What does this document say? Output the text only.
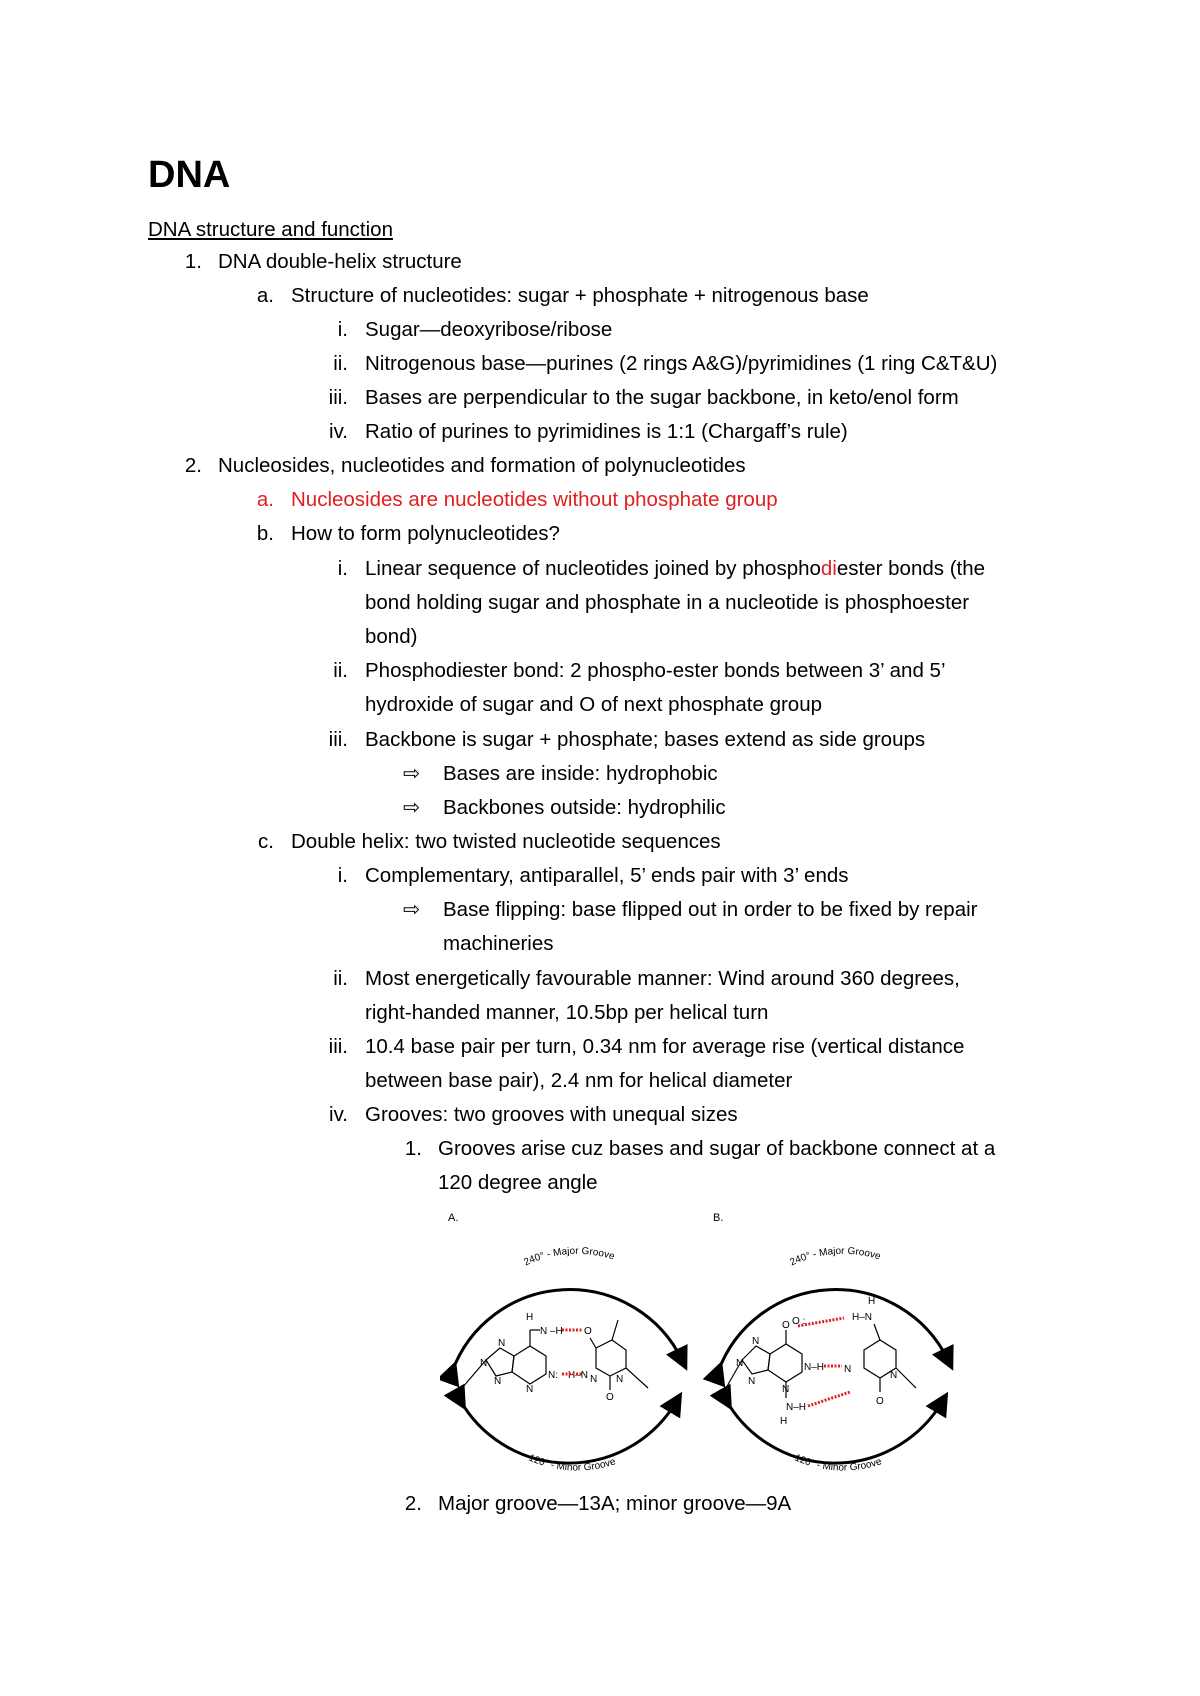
DNA
DNA structure and function
1. DNA double-helix structure
a. Structure of nucleotides: sugar + phosphate + nitrogenous base
i. Sugar—deoxyribose/ribose
ii. Nitrogenous base—purines (2 rings A&G)/pyrimidines (1 ring C&T&U)
iii. Bases are perpendicular to the sugar backbone, in keto/enol form
iv. Ratio of purines to pyrimidines is 1:1 (Chargaff’s rule)
2. Nucleosides, nucleotides and formation of polynucleotides
a. Nucleosides are nucleotides without phosphate group
b. How to form polynucleotides?
i. Linear sequence of nucleotides joined by phosphodiester bonds (the
bond holding sugar and phosphate in a nucleotide is phosphoester
bond)
ii. Phosphodiester bond: 2 phospho-ester bonds between 3’ and 5’
hydroxide of sugar and O of next phosphate group
iii. Backbone is sugar + phosphate; bases extend as side groups
⇨ Bases are inside: hydrophobic
⇨ Backbones outside: hydrophilic
c. Double helix: two twisted nucleotide sequences
i. Complementary, antiparallel, 5’ ends pair with 3’ ends
⇨ Base flipping: base flipped out in order to be fixed by repair
machineries
ii. Most energetically favourable manner: Wind around 360 degrees,
right-handed manner, 10.5bp per helical turn
iii. 10.4 base pair per turn, 0.34 nm for average rise (vertical distance
between base pair), 2.4 nm for helical diameter
iv. Grooves: two grooves with unequal sizes
1. Grooves arise cuz bases and sugar of backbone connect at a
120 degree angle
A.	B.
240° - Major Groove
120° - Minor Groove
H
N –H
N
N
N
N
N:
O
H–N
O
N
N
240° - Major Groove
120° - Minor Groove
O
N
N
N
N
N–H
N–H
H
H
H–N
N
O
N
O :
2. Major groove—13A; minor groove—9A
